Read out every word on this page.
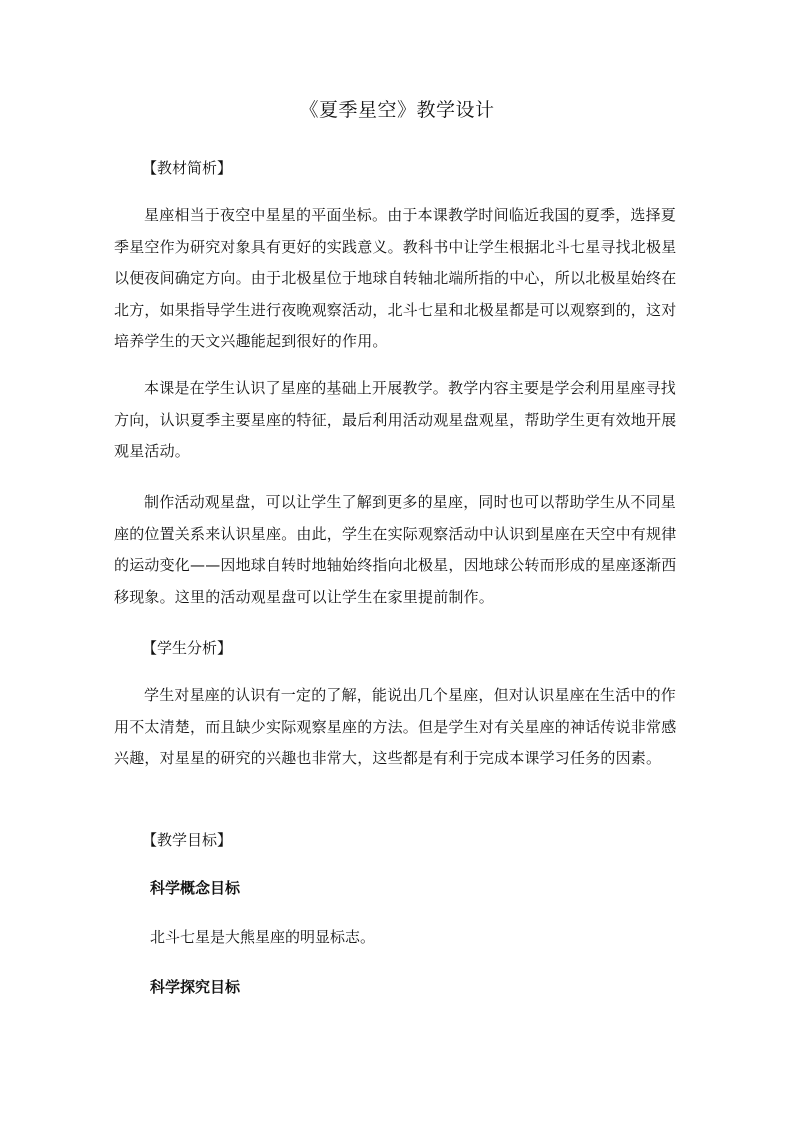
《夏季星空》教学设计
【教材简析】

星座相当于夜空中星星的平面坐标。由于本课教学时间临近我国的夏季，选择夏季星空作为研究对象具有更好的实践意义。教科书中让学生根据北斗七星寻找北极星以便夜间确定方向。由于北极星位于地球自转轴北端所指的中心，所以北极星始终在北方，如果指导学生进行夜晚观察活动，北斗七星和北极星都是可以观察到的，这对培养学生的天文兴趣能起到很好的作用。

本课是在学生认识了星座的基础上开展教学。教学内容主要是学会利用星座寻找方向，认识夏季主要星座的特征，最后利用活动观星盘观星，帮助学生更有效地开展观星活动。

制作活动观星盘，可以让学生了解到更多的星座，同时也可以帮助学生从不同星座的位置关系来认识星座。由此，学生在实际观察活动中认识到星座在天空中有规律的运动变化——因地球自转时地轴始终指向北极星，因地球公转而形成的星座逐渐西移现象。这里的活动观星盘可以让学生在家里提前制作。

【学生分析】

学生对星座的认识有一定的了解，能说出几个星座，但对认识星座在生活中的作用不太清楚，而且缺少实际观察星座的方法。但是学生对有关星座的神话传说非常感兴趣，对星星的研究的兴趣也非常大，这些都是有利于完成本课学习任务的因素。

【教学目标】
科学概念目标
北斗七星是大熊星座的明显标志。
科学探究目标
